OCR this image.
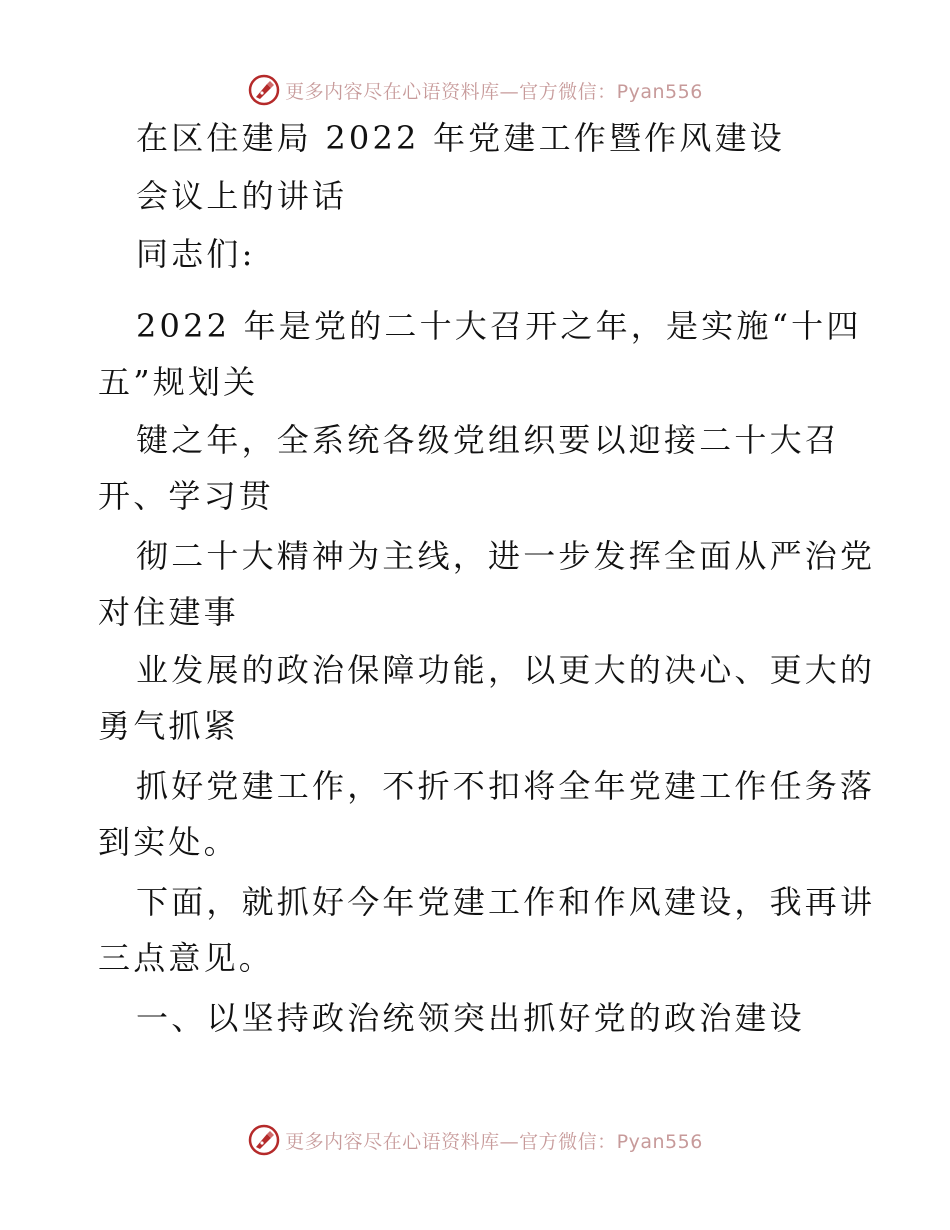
更多内容尽在心语资料库—官方微信：Pyan556
在区住建局 2022 年党建工作暨作风建设
会议上的讲话
同志们:
2022 年是党的二十大召开之年，是实施“十四
五”规划关
键之年，全系统各级党组织要以迎接二十大召
开、学习贯
彻二十大精神为主线，进一步发挥全面从严治党
对住建事
业发展的政治保障功能，以更大的决心、更大的
勇气抓紧
抓好党建工作，不折不扣将全年党建工作任务落
到实处。
下面，就抓好今年党建工作和作风建设，我再讲
三点意见。
一、以坚持政治统领突出抓好党的政治建设
更多内容尽在心语资料库—官方微信：Pyan556
